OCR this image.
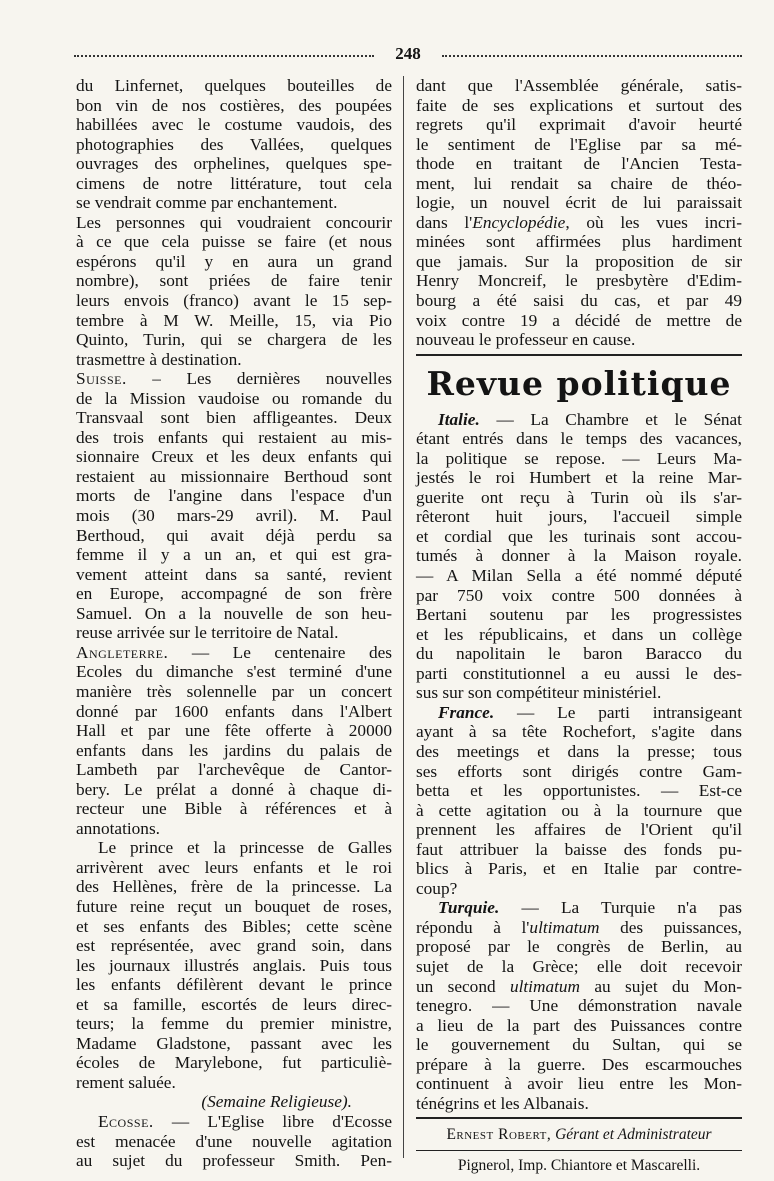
248
du Linfernet, quelques bouteilles de
bon vin de nos costières, des poupées
habillées avec le costume vaudois, des
photographies des Vallées, quelques
ouvrages des orphelines, quelques spe-
cimens de notre littérature, tout cela
se vendrait comme par enchantement.
Les personnes qui voudraient concourir
à ce que cela puisse se faire (et nous
espérons qu'il y en aura un grand
nombre), sont priées de faire tenir
leurs envois (franco) avant le 15 sep-
tembre à M W. Meille, 15, via Pio
Quinto, Turin, qui se chargera de les
trasmettre à destination.
Suisse. – Les dernières nouvelles
de la Mission vaudoise ou romande du
Transvaal sont bien affligeantes. Deux
des trois enfants qui restaient au mis-
sionnaire Creux et les deux enfants qui
restaient au missionnaire Berthoud sont
morts de l'angine dans l'espace d'un
mois (30 mars-29 avril). M. Paul
Berthoud, qui avait déjà perdu sa
femme il y a un an, et qui est gra-
vement atteint dans sa santé, revient
en Europe, accompagné de son frère
Samuel. On a la nouvelle de son heu-
reuse arrivée sur le territoire de Natal.
Angleterre. — Le centenaire des
Ecoles du dimanche s'est terminé d'une
manière très solennelle par un concert
donné par 1600 enfants dans l'Albert
Hall et par une fête offerte à 20000
enfants dans les jardins du palais de
Lambeth par l'archevêque de Cantor-
bery. Le prélat a donné à chaque di-
recteur une Bible à références et à
annotations.
Le prince et la princesse de Galles
arrivèrent avec leurs enfants et le roi
des Hellènes, frère de la princesse. La
future reine reçut un bouquet de roses,
et ses enfants des Bibles; cette scène
est représentée, avec grand soin, dans
les journaux illustrés anglais. Puis tous
les enfants défilèrent devant le prince
et sa famille, escortés de leurs direc-
teurs; la femme du premier ministre,
Madame Gladstone, passant avec les
écoles de Marylebone, fut particuliè-
rement saluée.
(Semaine Religieuse).
Ecosse. — L'Eglise libre d'Ecosse
est menacée d'une nouvelle agitation
au sujet du professeur Smith. Pen-
dant que l'Assemblée générale, satis-
faite de ses explications et surtout des
regrets qu'il exprimait d'avoir heurté
le sentiment de l'Eglise par sa mé-
thode en traitant de l'Ancien Testa-
ment, lui rendait sa chaire de théo-
logie, un nouvel écrit de lui paraissait
dans l'Encyclopédie, où les vues incri-
minées sont affirmées plus hardiment
que jamais. Sur la proposition de sir
Henry Moncreif, le presbytère d'Edim-
bourg a été saisi du cas, et par 49
voix contre 19 a décidé de mettre de
nouveau le professeur en cause.
Revue politique
Italie. — La Chambre et le Sénat
étant entrés dans le temps des vacances,
la politique se repose. — Leurs Ma-
jestés le roi Humbert et la reine Mar-
guerite ont reçu à Turin où ils s'ar-
rêteront huit jours, l'accueil simple
et cordial que les turinais sont accou-
tumés à donner à la Maison royale.
— A Milan Sella a été nommé député
par 750 voix contre 500 données à
Bertani soutenu par les progressistes
et les républicains, et dans un collège
du napolitain le baron Baracco du
parti constitutionnel a eu aussi le des-
sus sur son compétiteur ministériel.
France. — Le parti intransigeant
ayant à sa tête Rochefort, s'agite dans
des meetings et dans la presse; tous
ses efforts sont dirigés contre Gam-
betta et les opportunistes. — Est-ce
à cette agitation ou à la tournure que
prennent les affaires de l'Orient qu'il
faut attribuer la baisse des fonds pu-
blics à Paris, et en Italie par contre-
coup?
Turquie. — La Turquie n'a pas
répondu à l'ultimatum des puissances,
proposé par le congrès de Berlin, au
sujet de la Grèce; elle doit recevoir
un second ultimatum au sujet du Mon-
tenegro. — Une démonstration navale
a lieu de la part des Puissances contre
le gouvernement du Sultan, qui se
prépare à la guerre. Des escarmouches
continuent à avoir lieu entre les Mon-
ténégrins et les Albanais.
Ernest Robert, Gérant et Administrateur
Pignerol, Imp. Chiantore et Mascarelli.
